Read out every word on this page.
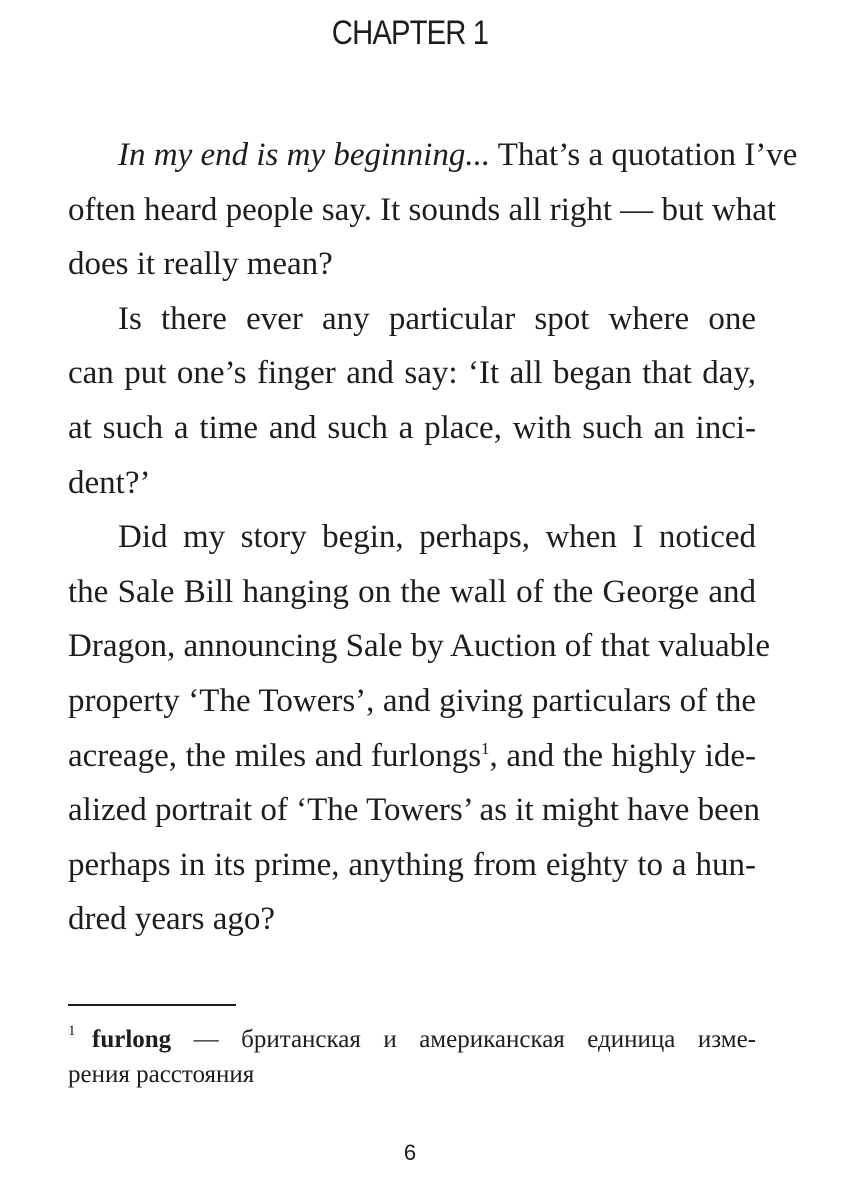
CHAPTER 1
In my end is my beginning... That’s a quotation I’ve
often heard people say. It sounds all right — but what
does it really mean?
Is there ever any particular spot where one
can put one’s finger and say: ‘It all began that day,
at such a time and such a place, with such an inci-
dent?’
Did my story begin, perhaps, when I noticed
the Sale Bill hanging on the wall of the George and
Dragon, announcing Sale by Auction of that valuable
property ‘The Towers’, and giving particulars of the
acreage, the miles and furlongs$^1$, and the highly ide-
alized portrait of ‘The Towers’ as it might have been
perhaps in its prime, anything from eighty to a hun-
dred years ago?
1 furlong — британская и американская единица изме-
рения расстояния
6
